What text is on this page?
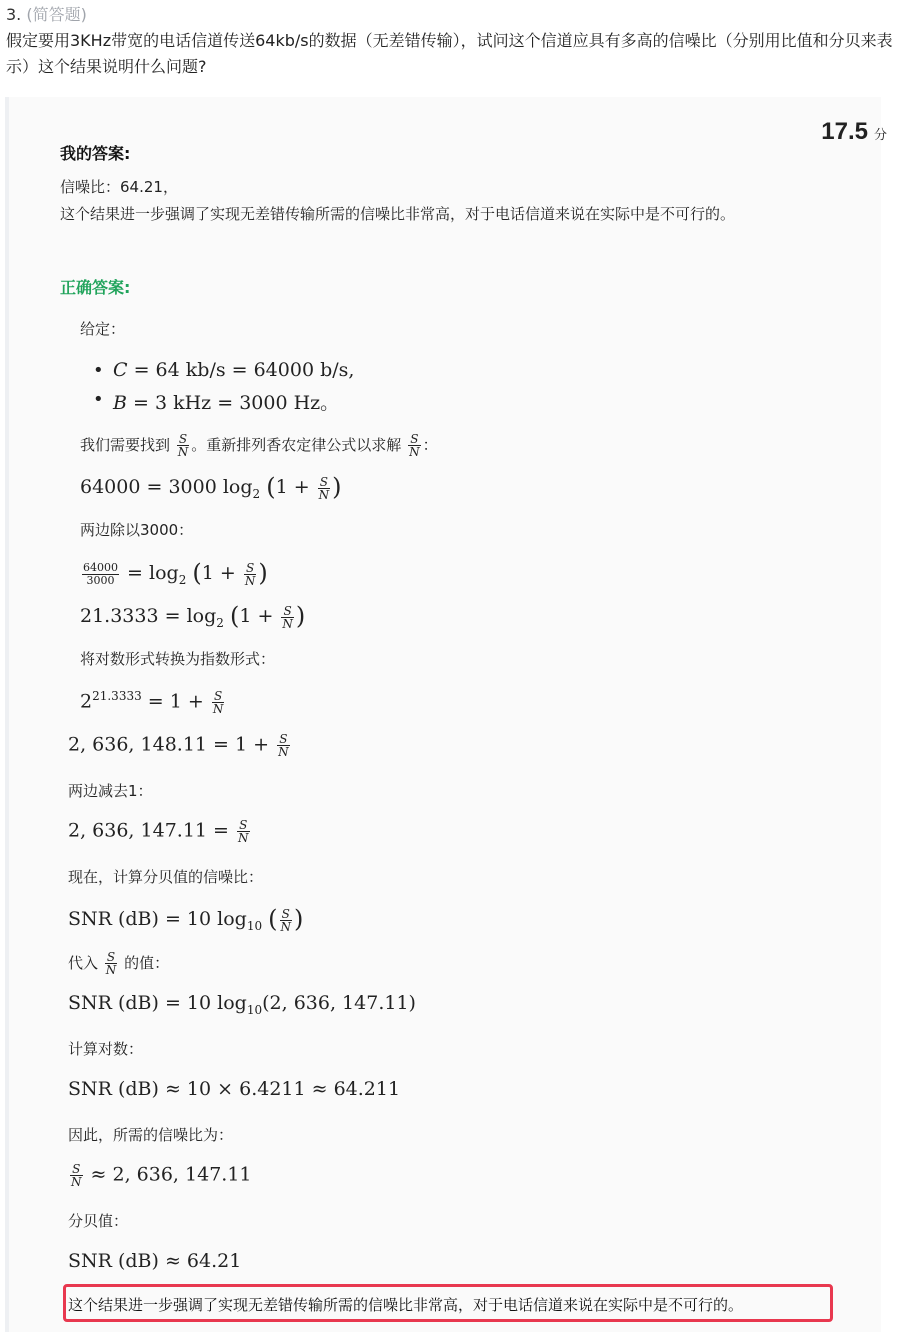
3. (简答题)
假定要用3KHz带宽的电话信道传送64kb/s的数据（无差错传输），试问这个信道应具有多高的信噪比（分别用比值和分贝来表示）这个结果说明什么问题?
17.5 分
我的答案:
信噪比：64.21，
这个结果进一步强调了实现无差错传输所需的信噪比非常高，对于电话信道来说在实际中是不可行的。
正确答案:
给定：
• C = 64 kb/s = 64000 b/s,
• B = 3 kHz = 3000 Hz。
我们需要找到 $\frac{S}{N}$ 。重新排列香农定律公式以求解 $\frac{S}{N}$ ：
64000 = 3000 $\log_2 (1 + \frac{S}{N}$ )
两边除以3000：
$\frac{64000}{3000} = \log_2 (1 + \frac{S}{N}$ )
$21.3333 = \log_2 (1 + \frac{S}{N}$ )
将对数形式转换为指数形式：
$2^{21.3333} = 1 + \frac{S}{N}$
2, 636, $148.11 = 1 + \frac{S}{N}$
两边减去1：
2, 636, $147.11 = \frac{S}{N}$
现在，计算分贝值的信噪比：
SNR (dB) = 10 $\log_{10}$ ( $\frac{S}{N}$ )
代入 $\frac{S}{N}$ 的值：
SNR (dB) = 10 $\log_{10}(2$, 636, 147.11)
计算对数：
SNR (dB) ≈ 10 × 6.4211 ≈ 64.211
因此，所需的信噪比为：
$\frac{S}{N} \approx 2$, 636, 147.11
分贝值：
SNR (dB) ≈ 64.21
这个结果进一步强调了实现无差错传输所需的信噪比非常高，对于电话信道来说在实际中是不可行的。
